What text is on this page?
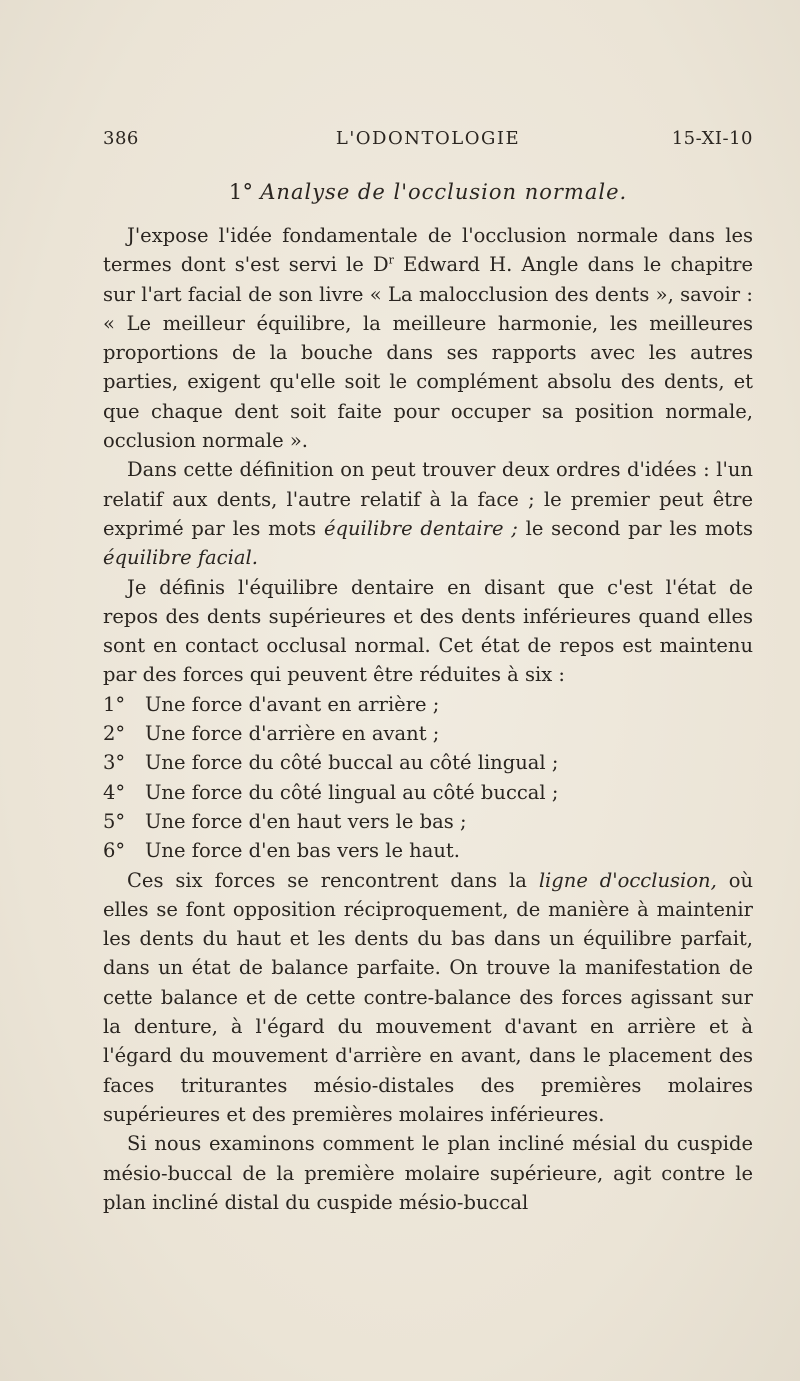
386	L'ODONTOLOGIE	15-XI-10
1° Analyse de l'occlusion normale.

J'expose l'idée fondamentale de l'occlusion normale dans les termes dont s'est servi le $D^r$ Edward H. Angle dans le chapitre sur l'art facial de son livre « La malocclusion des dents », savoir : « Le meilleur équilibre, la meilleure harmonie, les meilleures proportions de la bouche dans ses rapports avec les autres parties, exigent qu'elle soit le complément absolu des dents, et que chaque dent soit faite pour occuper sa position normale, occlusion normale ».

Dans cette définition on peut trouver deux ordres d'idées : l'un relatif aux dents, l'autre relatif à la face ; le premier peut être exprimé par les mots équilibre dentaire ; le second par les mots équilibre facial.

Je définis l'équilibre dentaire en disant que c'est l'état de repos des dents supérieures et des dents inférieures quand elles sont en contact occlusal normal. Cet état de repos est maintenu par des forces qui peuvent être réduites à six :

1° Une force d'avant en arrière ;

2° Une force d'arrière en avant ;

3° Une force du côté buccal au côté lingual ;

4° Une force du côté lingual au côté buccal ;

5° Une force d'en haut vers le bas ;

6° Une force d'en bas vers le haut.

Ces six forces se rencontrent dans la ligne d'occlusion, où elles se font opposition réciproquement, de manière à maintenir les dents du haut et les dents du bas dans un équilibre parfait, dans un état de balance parfaite. On trouve la manifestation de cette balance et de cette contre-balance des forces agissant sur la denture, à l'égard du mouvement d'avant en arrière et à l'égard du mouvement d'arrière en avant, dans le placement des faces triturantes mésio-distales des premières molaires supérieures et des premières molaires inférieures.

Si nous examinons comment le plan incliné mésial du cuspide mésio-buccal de la première molaire supérieure, agit contre le plan incliné distal du cuspide mésio-buccal
